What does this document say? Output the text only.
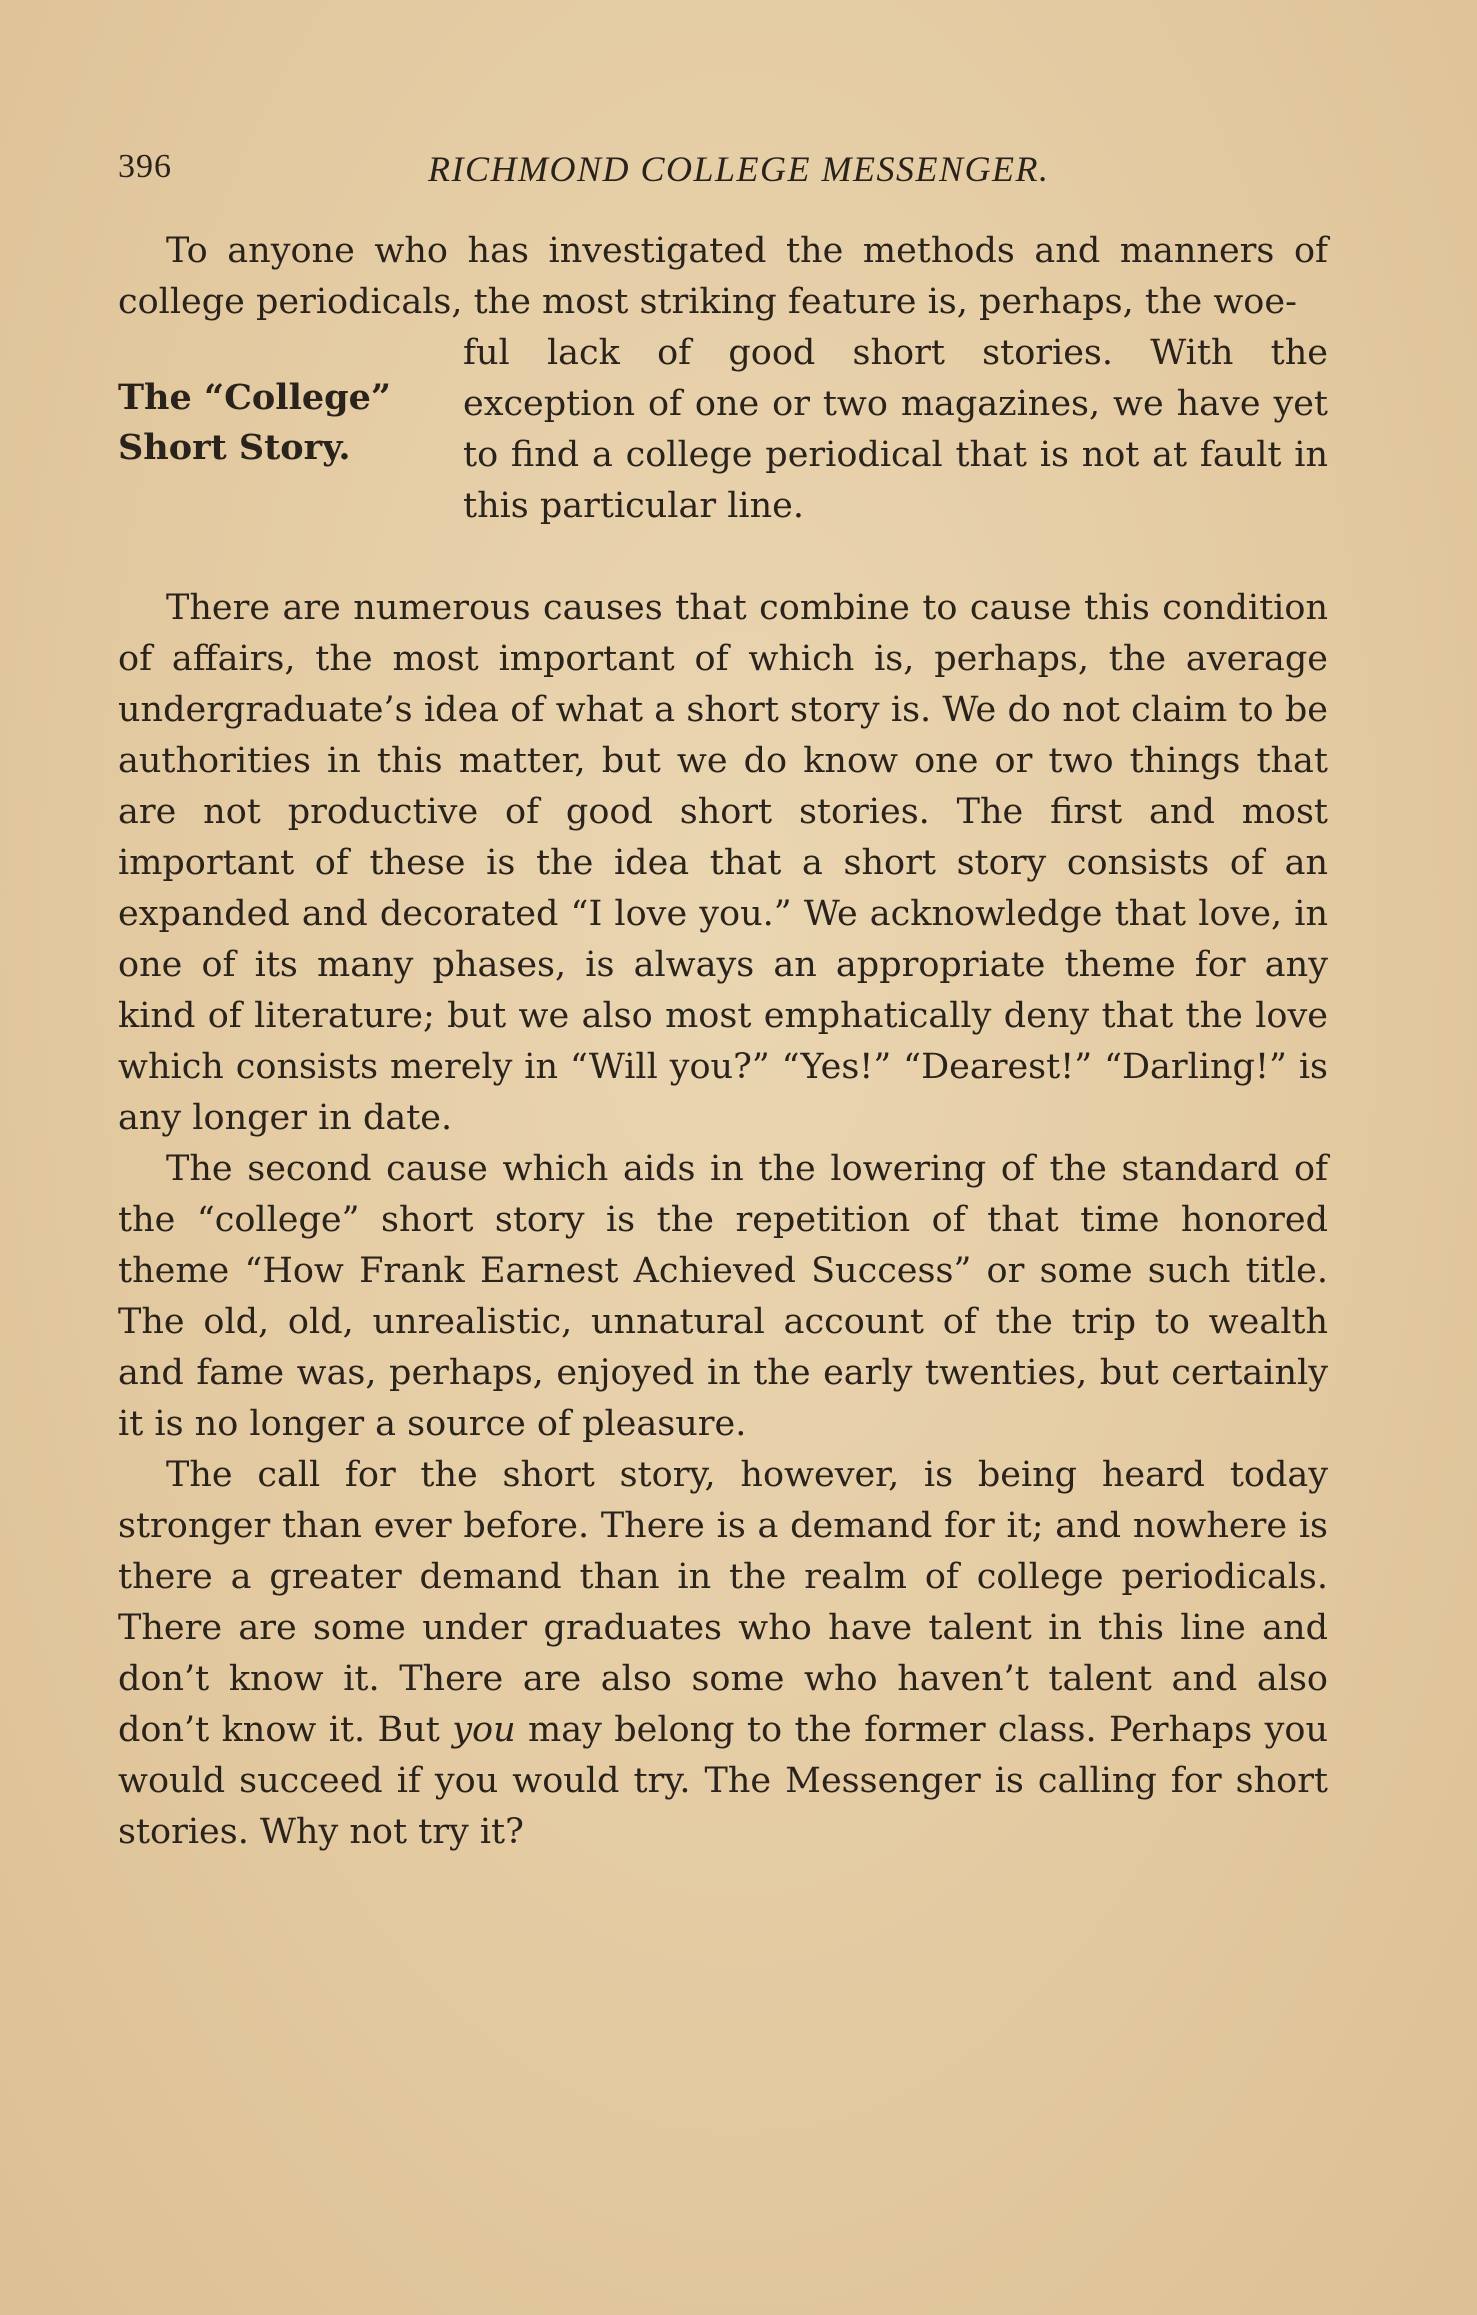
396	RICHMOND COLLEGE MESSENGER.

To anyone who has investigated the methods and manners of college periodicals, the most striking feature is, perhaps, the woe-

The “College”
Short Story.

ful lack of good short stories. With the exception of one or two magazines, we have yet to find a college periodical that is not at fault in this particular line.

There are numerous causes that combine to cause this condition of affairs, the most important of which is, perhaps, the average undergraduate’s idea of what a short story is. We do not claim to be authorities in this matter, but we do know one or two things that are not productive of good short stories. The first and most important of these is the idea that a short story consists of an expanded and decorated “I love you.” We acknowledge that love, in one of its many phases, is always an appropriate theme for any kind of literature; but we also most emphatically deny that the love which consists merely in “Will you?” “Yes!” “Dearest!” “Darling!” is any longer in date.

The second cause which aids in the lowering of the standard of the “college” short story is the repetition of that time honored theme “How Frank Earnest Achieved Success” or some such title. The old, old, unrealistic, unnatural account of the trip to wealth and fame was, perhaps, enjoyed in the early twenties, but certainly it is no longer a source of pleasure.

The call for the short story, however, is being heard today stronger than ever before. There is a demand for it; and nowhere is there a greater demand than in the realm of college periodicals. There are some under graduates who have talent in this line and don’t know it. There are also some who haven’t talent and also don’t know it. But you may belong to the former class. Perhaps you would succeed if you would try. The Messenger is calling for short stories. Why not try it?
